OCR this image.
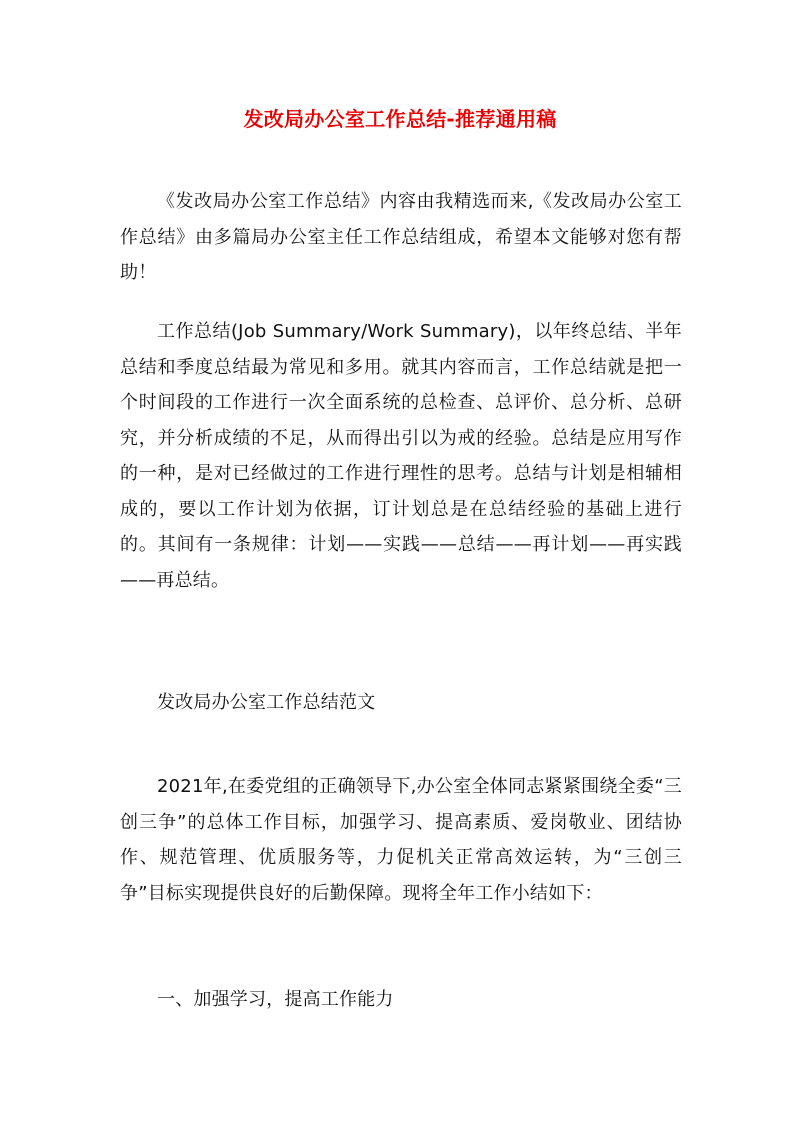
发改局办公室工作总结-推荐通用稿

《发改局办公室工作总结》内容由我精选而来,《发改局办公室工作总结》由多篇局办公室主任工作总结组成，希望本文能够对您有帮助！

工作总结(Job Summary/Work Summary)，以年终总结、半年总结和季度总结最为常见和多用。就其内容而言，工作总结就是把一个时间段的工作进行一次全面系统的总检查、总评价、总分析、总研究，并分析成绩的不足，从而得出引以为戒的经验。总结是应用写作的一种，是对已经做过的工作进行理性的思考。总结与计划是相辅相成的，要以工作计划为依据，订计划总是在总结经验的基础上进行的。其间有一条规律：计划——实践——总结——再计划——再实践——再总结。

发改局办公室工作总结范文

2021年,在委党组的正确领导下,办公室全体同志紧紧围绕全委“三创三争”的总体工作目标，加强学习、提高素质、爱岗敬业、团结协作、规范管理、优质服务等，力促机关正常高效运转，为“三创三争”目标实现提供良好的后勤保障。现将全年工作小结如下：

一、加强学习，提高工作能力
